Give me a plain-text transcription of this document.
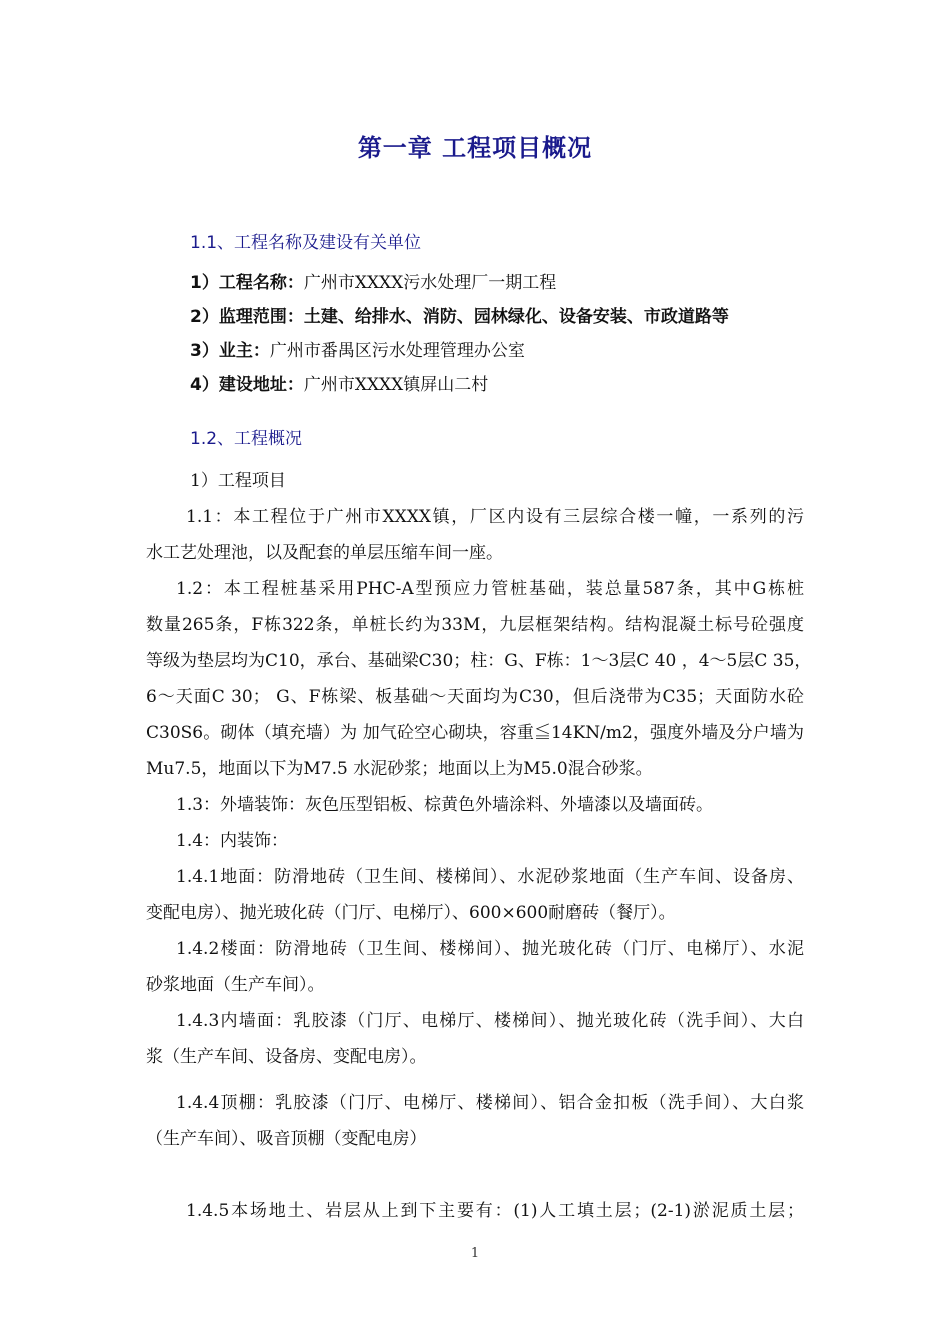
第一章 工程项目概况
1.1、工程名称及建设有关单位
1）工程名称：广州市XXXX污水处理厂一期工程
2）监理范围：土建、给排水、消防、园林绿化、设备安装、市政道路等
3）业主：广州市番禺区污水处理管理办公室
4）建设地址：广州市XXXX镇屏山二村
1.2、工程概况
1）工程项目
1.1：本工程位于广州市XXXX镇，厂区内设有三层综合楼一幢，一系列的污
水工艺处理池，以及配套的单层压缩车间一座。
1.2：本工程桩基采用PHC-A型预应力管桩基础，装总量587条，其中G栋桩
数量265条，F栋322条，单桩长约为33M，九层框架结构。结构混凝土标号砼强度
等级为垫层均为C10，承台、基础梁C30；柱：G、F栋：1～3层C 40 ，4～5层C 35，
6～天面C 30； G、F栋梁、板基础～天面均为C30，但后浇带为C35；天面防水砼
C30S6。砌体（填充墙）为 加气砼空心砌块，容重≦14KN/m2，强度外墙及分户墙为
Mu7.5，地面以下为M7.5 水泥砂浆；地面以上为M5.0混合砂浆。
1.3：外墙装饰：灰色压型铝板、棕黄色外墙涂料、外墙漆以及墙面砖。
1.4：内装饰：
1.4.1地面：防滑地砖（卫生间、楼梯间）、水泥砂浆地面（生产车间、设备房、
变配电房）、抛光玻化砖（门厅、电梯厅）、600×600耐磨砖（餐厅）。
1.4.2楼面：防滑地砖（卫生间、楼梯间）、抛光玻化砖（门厅、电梯厅）、水泥
砂浆地面（生产车间）。
1.4.3内墙面：乳胶漆（门厅、电梯厅、楼梯间）、抛光玻化砖（洗手间）、大白
浆（生产车间、设备房、变配电房）。
1.4.4顶棚：乳胶漆（门厅、电梯厅、楼梯间）、铝合金扣板（洗手间）、大白浆
（生产车间）、吸音顶棚（变配电房）
1.4.5本场地土、岩层从上到下主要有：(1)人工填土层；(2-1)淤泥质土层；
1
